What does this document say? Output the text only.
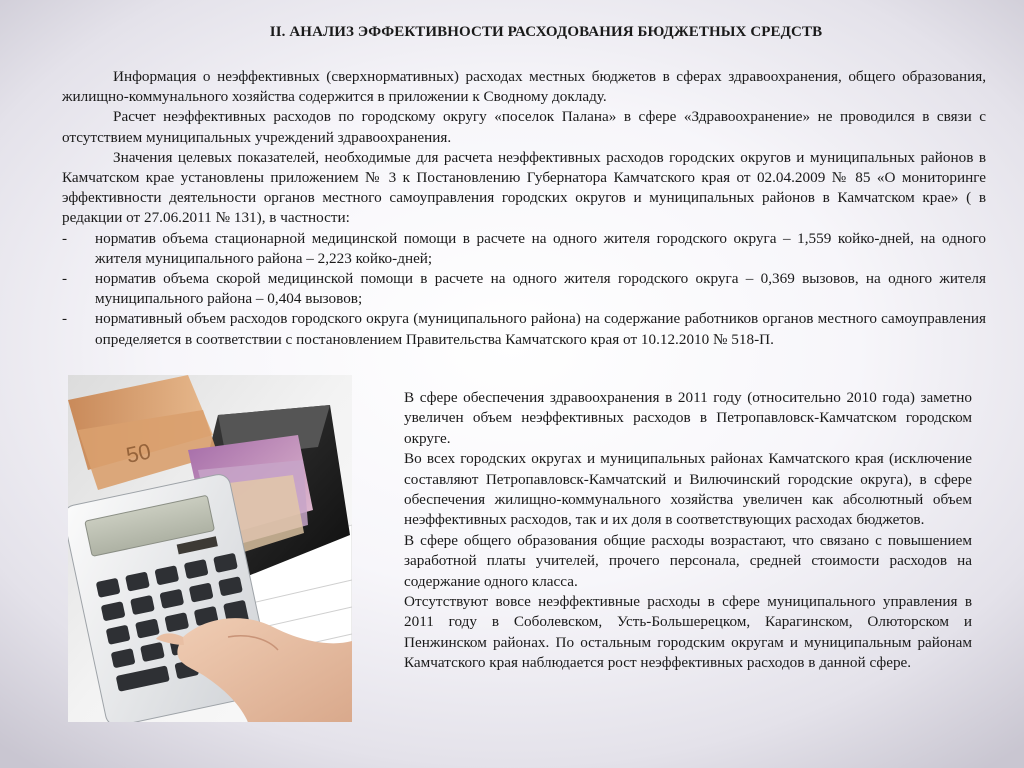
II. АНАЛИЗ ЭФФЕКТИВНОСТИ РАСХОДОВАНИЯ БЮДЖЕТНЫХ СРЕДСТВ

Информация о неэффективных (сверхнормативных) расходах местных бюджетов в сферах здравоохранения, общего образования, жилищно-коммунального хозяйства содержится в приложении к Сводному докладу.

Расчет неэффективных расходов по городскому округу «поселок Палана» в сфере «Здравоохранение» не проводился в связи с отсутствием муниципальных учреждений здравоохранения.

Значения целевых показателей, необходимые для расчета неэффективных расходов городских округов и муниципальных районов в Камчатском крае установлены приложением № 3 к Постановлению Губернатора Камчатского края от 02.04.2009 № 85 «О мониторинге эффективности деятельности органов местного самоуправления городских округов и муниципальных районов в Камчатском крае» ( в редакции от 27.06.2011 № 131), в частности:

- норматив объема стационарной медицинской помощи в расчете на одного жителя городского округа – 1,559 койко-дней, на одного жителя муниципального района – 2,223 койко-дней;
- норматив объема скорой медицинской помощи в расчете на одного жителя городского округа – 0,369 вызовов, на одного жителя муниципального района – 0,404 вызовов;
- нормативный объем расходов городского округа (муниципального района) на содержание работников органов местного самоуправления определяется в соответствии с постановлением Правительства Камчатского края от 10.12.2010 № 518-П.
50

В сфере обеспечения здравоохранения в 2011 году (относительно 2010 года) заметно увеличен объем неэффективных расходов в Петропавловск-Камчатском городском округе.

Во всех городских округах и муниципальных районах Камчатского края (исключение составляют Петропавловск-Камчатский и Вилючинский городские округа), в сфере обеспечения жилищно-коммунального хозяйства увеличен как абсолютный объем неэффективных расходов, так и их доля в соответствующих расходах бюджетов.

В сфере общего образования общие расходы возрастают, что связано с повышением заработной платы учителей, прочего персонала, средней стоимости расходов на содержание одного класса.

Отсутствуют вовсе неэффективные расходы в сфере муниципального управления в 2011 году в Соболевском, Усть-Большерецком, Карагинском, Олюторском и Пенжинском районах. По остальным городским округам и муниципальным районам Камчатского края наблюдается рост неэффективных расходов в данной сфере.
